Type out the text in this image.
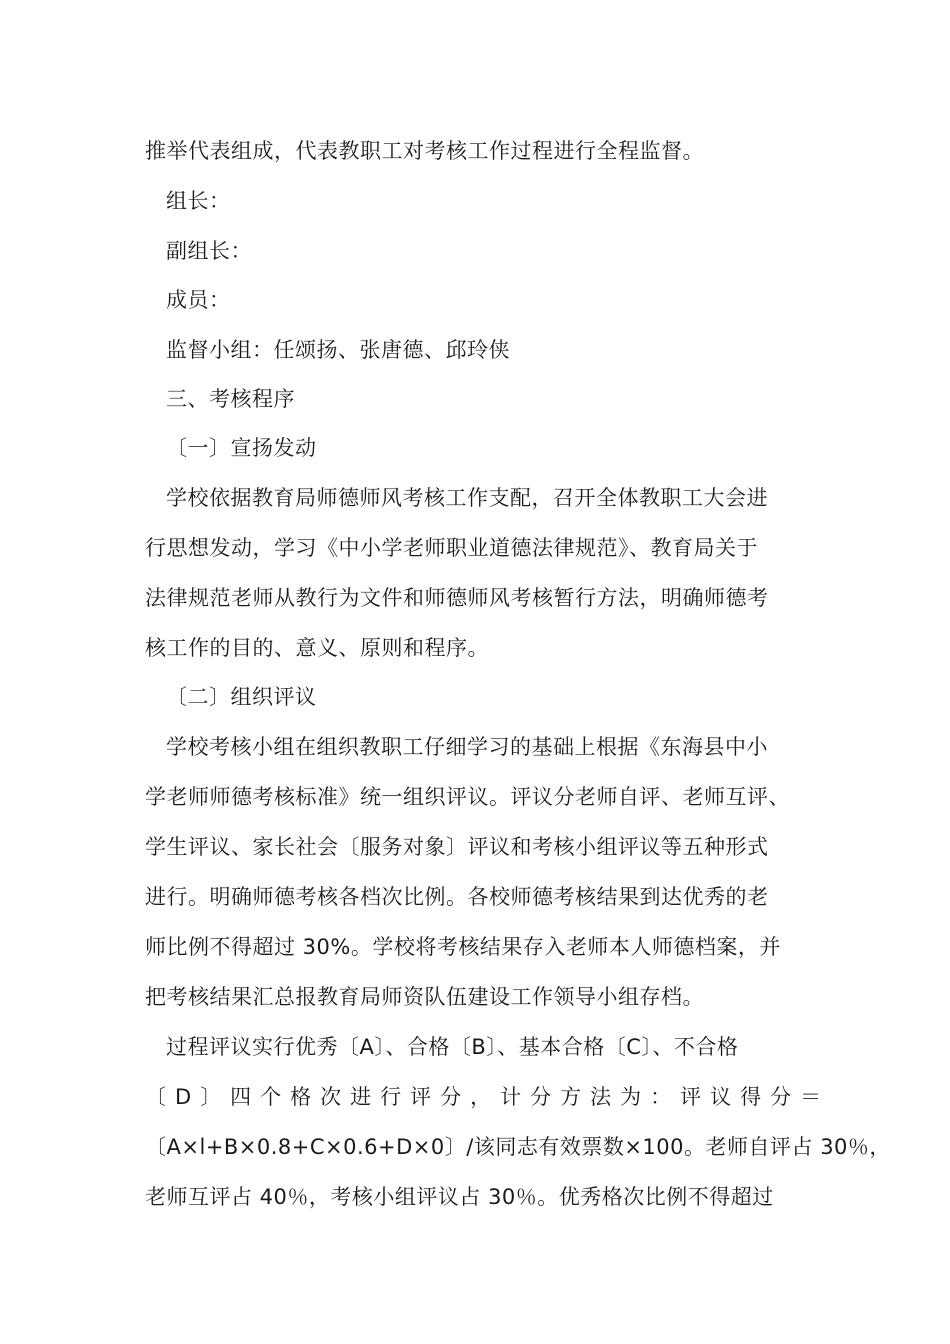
推举代表组成，代表教职工对考核工作过程进行全程监督。
组长：
副组长：
成员：
监督小组：任颂扬、张唐德、邱玲侠
三、考核程序
〔一〕宣扬发动
学校依据教育局师德师风考核工作支配，召开全体教职工大会进
行思想发动，学习《中小学老师职业道德法律规范》、教育局关于
法律规范老师从教行为文件和师德师风考核暂行方法，明确师德考
核工作的目的、意义、原则和程序。
〔二〕组织评议
学校考核小组在组织教职工仔细学习的基础上根据《东海县中小
学老师师德考核标准》统一组织评议。评议分老师自评、老师互评、
学生评议、家长社会〔服务对象〕评议和考核小组评议等五种形式
进行。明确师德考核各档次比例。各校师德考核结果到达优秀的老
师比例不得超过 30%。学校将考核结果存入老师本人师德档案，并
把考核结果汇总报教育局师资队伍建设工作领导小组存档。
过程评议实行优秀〔A〕、合格〔B〕、基本合格〔C〕、不合格
〔D〕四个格次进行评分，计分方法为：评议得分＝
〔A×l+B×0.8+C×0.6+D×0〕/该同志有效票数×100。老师自评占 30％，
老师互评占 40％，考核小组评议占 30％。优秀格次比例不得超过
